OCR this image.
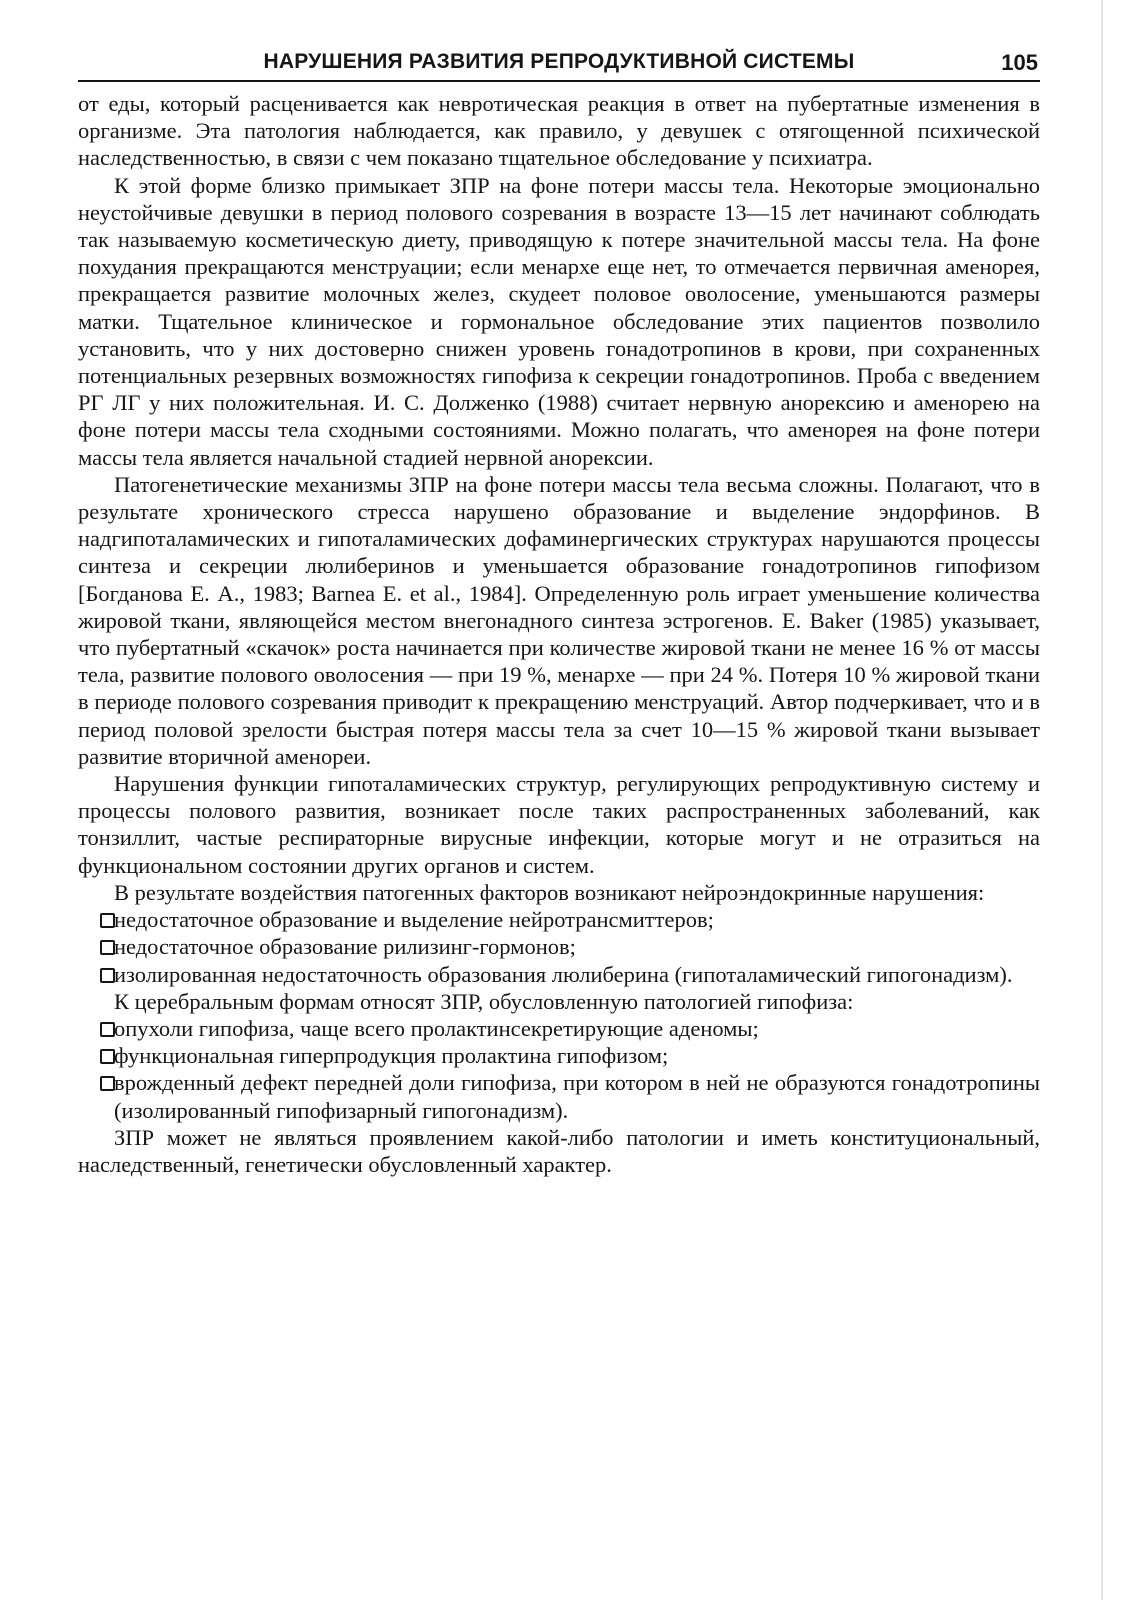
НАРУШЕНИЯ РАЗВИТИЯ РЕПРОДУКТИВНОЙ СИСТЕМЫ	105

от еды, который расценивается как невротическая реакция в ответ на пубертатные изменения в организме. Эта патология наблюдается, как правило, у девушек с отягощенной психической наследственностью, в связи с чем показано тщательное обследование у психиатра.

К этой форме близко примыкает ЗПР на фоне потери массы тела. Некоторые эмоционально неустойчивые девушки в период полового созревания в возрасте 13—15 лет начинают соблюдать так называемую косметическую диету, приводящую к потере значительной массы тела. На фоне похудания прекращаются менструации; если менархе еще нет, то отмечается первичная аменорея, прекращается развитие молочных желез, скудеет половое оволосение, уменьшаются размеры матки. Тщательное клиническое и гормональное обследование этих пациентов позволило установить, что у них достоверно снижен уровень гонадотропинов в крови, при сохраненных потенциальных резервных возможностях гипофиза к секреции гонадотропинов. Проба с введением РГ ЛГ у них положительная. И. С. Долженко (1988) считает нервную анорексию и аменорею на фоне потери массы тела сходными состояниями. Можно полагать, что аменорея на фоне потери массы тела является начальной стадией нервной анорексии.

Патогенетические механизмы ЗПР на фоне потери массы тела весьма сложны. Полагают, что в результате хронического стресса нарушено образование и выделение эндорфинов. В надгипоталамических и гипоталамических дофаминергических структурах нарушаются процессы синтеза и секреции люлиберинов и уменьшается образование гонадотропинов гипофизом [Богданова Е. А., 1983; Barnea E. et al., 1984]. Определенную роль играет уменьшение количества жировой ткани, являющейся местом внегонадного синтеза эстрогенов. E. Baker (1985) указывает, что пубертатный «скачок» роста начинается при количестве жировой ткани не менее 16 % от массы тела, развитие полового оволосения — при 19 %, менархе — при 24 %. Потеря 10 % жировой ткани в периоде полового созревания приводит к прекращению менструаций. Автор подчеркивает, что и в период половой зрелости быстрая потеря массы тела за счет 10—15 % жировой ткани вызывает развитие вторичной аменореи.

Нарушения функции гипоталамических структур, регулирующих репродуктивную систему и процессы полового развития, возникает после таких распространенных заболеваний, как тонзиллит, частые респираторные вирусные инфекции, которые могут и не отразиться на функциональном состоянии других органов и систем.

В результате воздействия патогенных факторов возникают нейроэндокринные нарушения:

недостаточное образование и выделение нейротрансмиттеров;
недостаточное образование рилизинг-гормонов;
изолированная недостаточность образования люлиберина (гипоталамический гипогонадизм).

К церебральным формам относят ЗПР, обусловленную патологией гипофиза:

опухоли гипофиза, чаще всего пролактинсекретирующие аденомы;
функциональная гиперпродукция пролактина гипофизом;
врожденный дефект передней доли гипофиза, при котором в ней не образуются гонадотропины (изолированный гипофизарный гипогонадизм).

ЗПР может не являться проявлением какой-либо патологии и иметь конституциональный, наследственный, генетически обусловленный характер.
